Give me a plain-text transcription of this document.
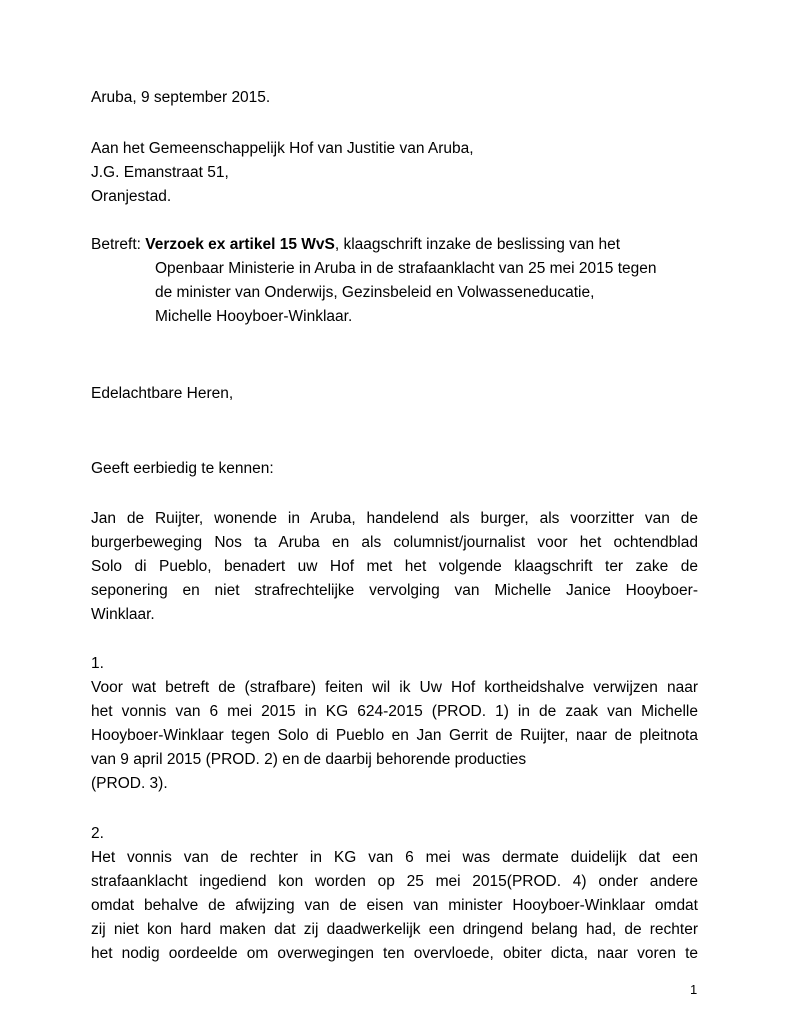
Aruba, 9 september 2015.
Aan het Gemeenschappelijk Hof van Justitie van Aruba,
J.G. Emanstraat 51,
Oranjestad.
Betreft: Verzoek ex artikel 15 WvS, klaagschrift inzake de beslissing van het
Openbaar Ministerie in Aruba in de strafaanklacht van 25 mei 2015 tegen
de minister van Onderwijs, Gezinsbeleid en Volwasseneducatie,
Michelle Hooyboer-Winklaar.
Edelachtbare Heren,
Geeft eerbiedig te kennen:
Jan de Ruijter, wonende in Aruba, handelend als burger, als voorzitter van de
burgerbeweging Nos ta Aruba en als columnist/journalist voor het ochtendblad
Solo di Pueblo, benadert uw Hof met het volgende klaagschrift ter zake de
seponering en niet strafrechtelijke vervolging van Michelle Janice Hooyboer-
Winklaar.
1.
Voor wat betreft de (strafbare) feiten wil ik Uw Hof kortheidshalve verwijzen naar
het vonnis van 6 mei 2015 in KG 624-2015 (PROD. 1) in de zaak van Michelle
Hooyboer-Winklaar tegen Solo di Pueblo en Jan Gerrit de Ruijter, naar de pleitnota
van 9 april 2015 (PROD. 2) en de daarbij behorende producties
(PROD. 3).
2.
Het vonnis van de rechter in KG van 6 mei was dermate duidelijk dat een
strafaanklacht ingediend kon worden op 25 mei 2015(PROD. 4) onder andere
omdat behalve de afwijzing van de eisen van minister Hooyboer-Winklaar omdat
zij niet kon hard maken dat zij daadwerkelijk een dringend belang had, de rechter
het nodig oordeelde om overwegingen ten overvloede, obiter dicta, naar voren te
1
